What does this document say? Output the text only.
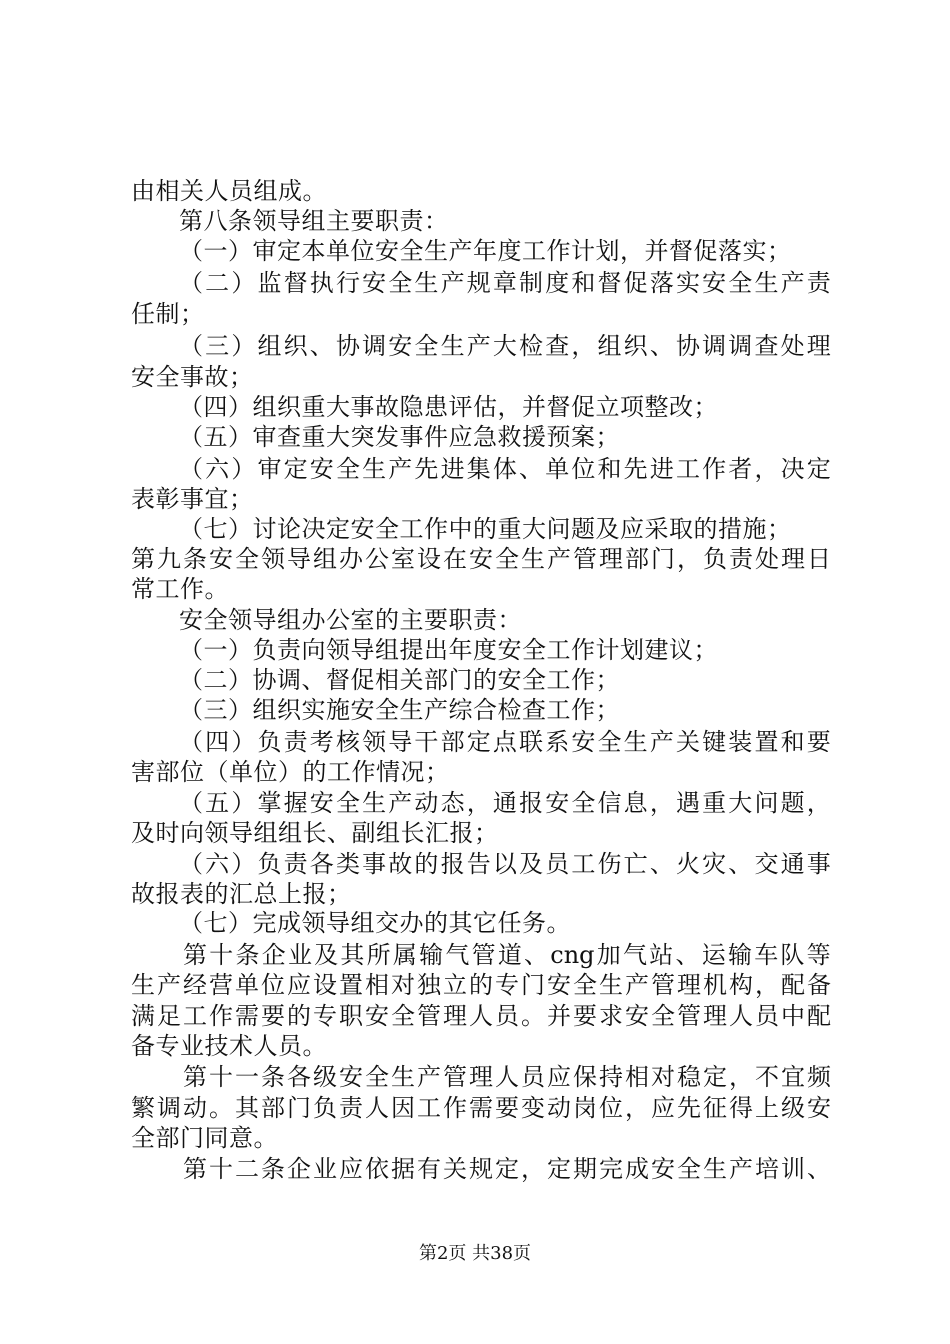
由相关人员组成。
第八条领导组主要职责：
（一）审定本单位安全生产年度工作计划，并督促落实；
（ 二 ） 监 督 执 行 安 全 生 产 规 章 制 度 和 督 促 落 实 安 全 生 产 责
任制；
（ 三 ） 组 织 、 协 调 安 全 生 产 大 检 查 ， 组 织 、 协 调 调 查 处 理
安全事故；
（四）组织重大事故隐患评估，并督促立项整改；
（五）审查重大突发事件应急救援预案；
（ 六 ） 审 定 安 全 生 产 先 进 集 体 、 单 位 和 先 进 工 作 者 ， 决 定
表彰事宜；
（七）讨论决定安全工作中的重大问题及应采取的措施；
第 九 条 安 全 领 导 组 办 公 室 设 在 安 全 生 产 管 理 部 门 ， 负 责 处 理 日
常工作。
安全领导组办公室的主要职责：
（一）负责向领导组提出年度安全工作计划建议；
（二）协调、督促相关部门的安全工作；
（三）组织实施安全生产综合检查工作；
（ 四 ） 负 责 考 核 领 导 干 部 定 点 联 系 安 全 生 产 关 键 装 置 和 要
害部位（单位）的工作情况；
（ 五 ） 掌 握 安 全 生 产 动 态 ， 通 报 安 全 信 息 ， 遇 重 大 问 题 ，
及时向领导组组长、副组长汇报；
（ 六 ） 负 责 各 类 事 故 的 报 告 以 及 员 工 伤 亡 、 火 灾 、 交 通 事
故报表的汇总上报；
（七）完成领导组交办的其它任务。
第 十 条 企 业 及 其 所 属 输 气 管 道 、 cng 加 气 站 、 运 输 车 队 等
生 产 经 营 单 位 应 设 置 相 对 独 立 的 专 门 安 全 生 产 管 理 机 构 ， 配 备
满 足 工 作 需 要 的 专 职 安 全 管 理 人 员 。 并 要 求 安 全 管 理 人 员 中 配
备专业技术人员。
第 十 一 条 各 级 安 全 生 产 管 理 人 员 应 保 持 相 对 稳 定 ， 不 宜 频
繁 调 动 。 其 部 门 负 责 人 因 工 作 需 要 变 动 岗 位 ， 应 先 征 得 上 级 安
全部门同意。
第 十 二 条 企 业 应 依 据 有 关 规 定 ， 定 期 完 成 安 全 生 产 培 训 、
第2页 共38页
